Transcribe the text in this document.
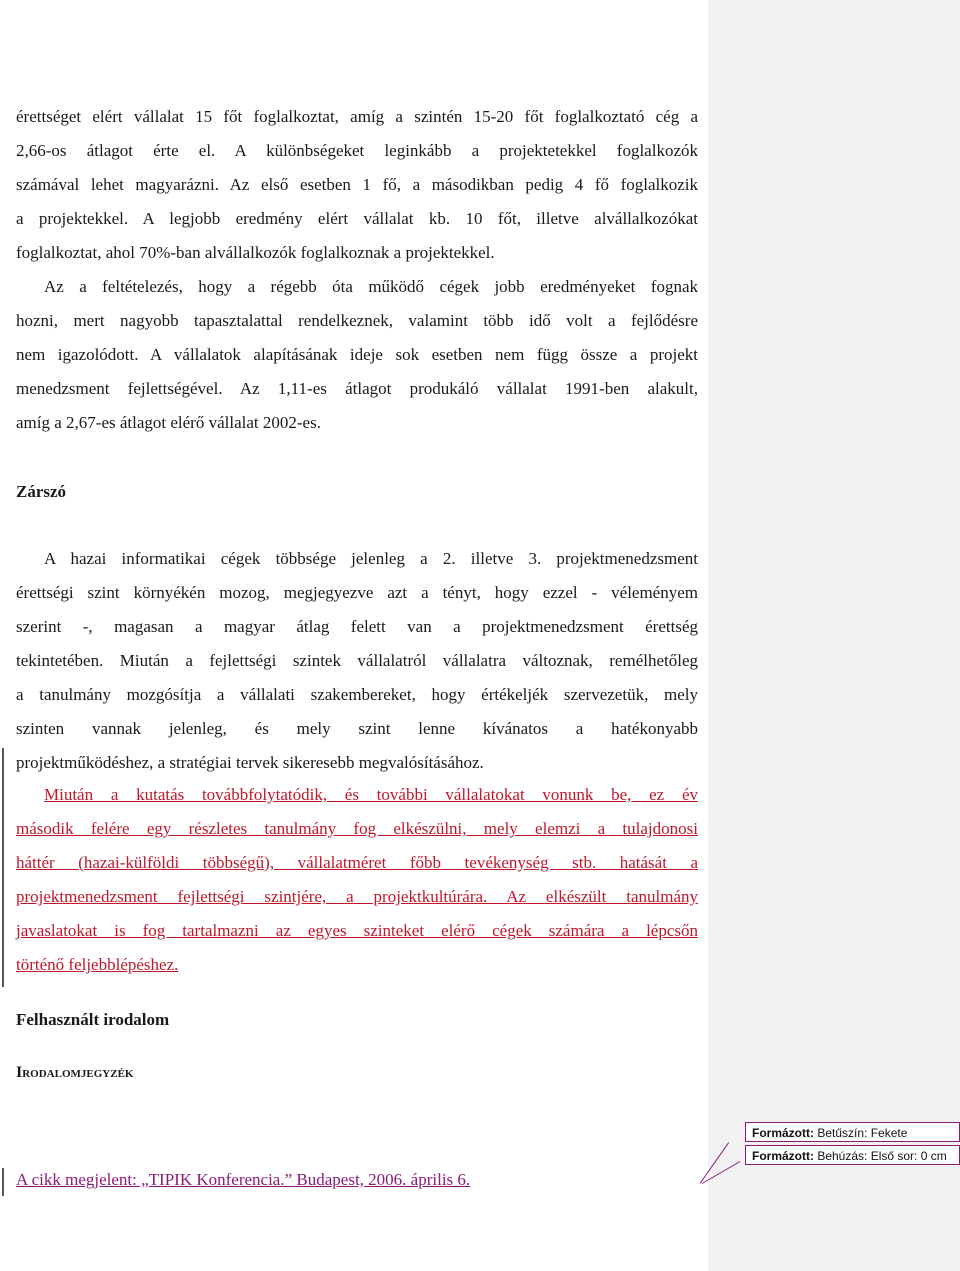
érettséget elért vállalat 15 főt foglalkoztat, amíg a szintén 15-20 főt foglalkoztató cég a
2,66-os átlagot érte el. A különbségeket leginkább a projektetekkel foglalkozók
számával lehet magyarázni. Az első esetben 1 fő, a másodikban pedig 4 fő foglalkozik
a projektekkel. A legjobb eredmény elért vállalat kb. 10 főt, illetve alvállalkozókat
foglalkoztat, ahol 70%-ban alvállalkozók foglalkoznak a projektekkel.
Az a feltételezés, hogy a régebb óta működő cégek jobb eredményeket fognak
hozni, mert nagyobb tapasztalattal rendelkeznek, valamint több idő volt a fejlődésre
nem igazolódott. A vállalatok alapításának ideje sok esetben nem függ össze a projekt
menedzsment fejlettségével. Az 1,11-es átlagot produkáló vállalat 1991-ben alakult,
amíg a 2,67-es átlagot elérő vállalat 2002-es.
Zárszó
A hazai informatikai cégek többsége jelenleg a 2. illetve 3. projektmenedzsment
érettségi szint környékén mozog, megjegyezve azt a tényt, hogy ezzel - véleményem
szerint -, magasan a magyar átlag felett van a projektmenedzsment érettség
tekintetében. Miután a fejlettségi szintek vállalatról vállalatra változnak, remélhetőleg
a tanulmány mozgósítja a vállalati szakembereket, hogy értékeljék szervezetük, mely
szinten vannak jelenleg, és mely szint lenne kívánatos a hatékonyabb
projektműködéshez, a stratégiai tervek sikeresebb megvalósításához.
Miután a kutatás továbbfolytatódik, és további vállalatokat vonunk be, ez év
második felére egy részletes tanulmány fog elkészülni, mely elemzi a tulajdonosi
háttér (hazai-külföldi többségű), vállalatméret főbb tevékenység stb. hatását a
projektmenedzsment fejlettségi szintjére, a projektkultúrára. Az elkészült tanulmány
javaslatokat is fog tartalmazni az egyes szinteket elérő cégek számára a lépcsőn
történő feljebblépéshez.
Felhasznált irodalom
Irodalomjegyzék
A cikk megjelent: „TIPIK Konferencia.” Budapest, 2006. április 6.
Formázott: Betűszín: Fekete
Formázott: Behúzás: Első sor: 0 cm
